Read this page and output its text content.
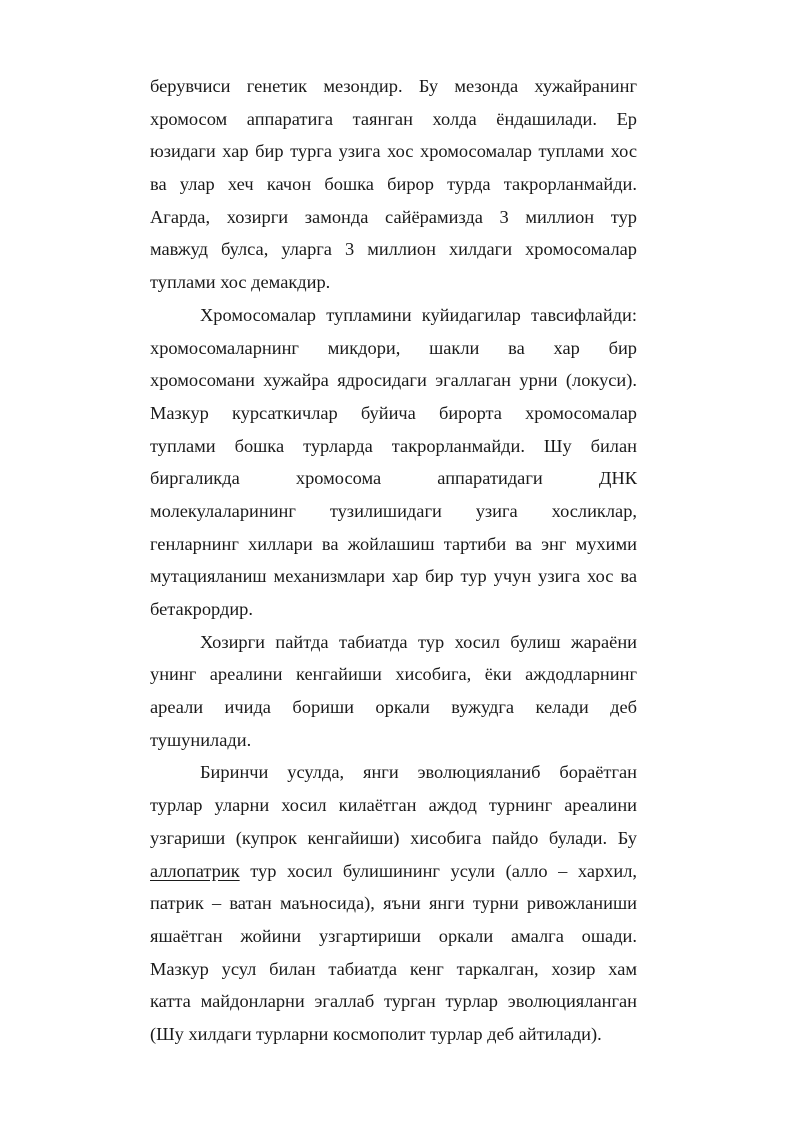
берувчиси генетик мезондир. Бу мезонда хужайранинг
хромосом аппаратига таянган холда ёндашилади. Ер
юзидаги хар бир турга узига хос хромосомалар туплами хос
ва улар хеч качон бошка бирор турда такрорланмайди.
Агарда, хозирги замонда сайёрамизда 3 миллион тур
мавжуд булса, уларга 3 миллион хилдаги хромосомалар
туплами хос демакдир.
Хромосомалар тупламини куйидагилар тавсифлайди:
хромосомаларнинг микдори, шакли ва хар бир
хромосомани хужайра ядросидаги эгаллаган урни (локуси).
Мазкур курсаткичлар буйича бирорта хромосомалар
туплами бошка турларда такрорланмайди. Шу билан
биргаликда хромосома аппаратидаги ДНК
молекулаларининг тузилишидаги узига хосликлар,
генларнинг хиллари ва жойлашиш тартиби ва энг мухими
мутацияланиш механизмлари хар бир тур учун узига хос ва
бетакрордир.
Хозирги пайтда табиатда тур хосил булиш жараёни
унинг ареалини кенгайиши хисобига, ёки аждодларнинг
ареали ичида бориши оркали вужудга келади деб
тушунилади.
Биринчи усулда, янги эволюцияланиб бораётган
турлар уларни хосил килаётган аждод турнинг ареалини
узгариши (купрок кенгайиши) хисобига пайдо булади. Бу
аллопатрик тур хосил булишининг усули (алло – хархил,
патрик – ватан маъносида), яъни янги турни ривожланиши
яшаётган жойини узгартириши оркали амалга ошади.
Мазкур усул билан табиатда кенг таркалган, хозир хам
катта майдонларни эгаллаб турган турлар эволюцияланган
(Шу хилдаги турларни космополит турлар деб айтилади).
